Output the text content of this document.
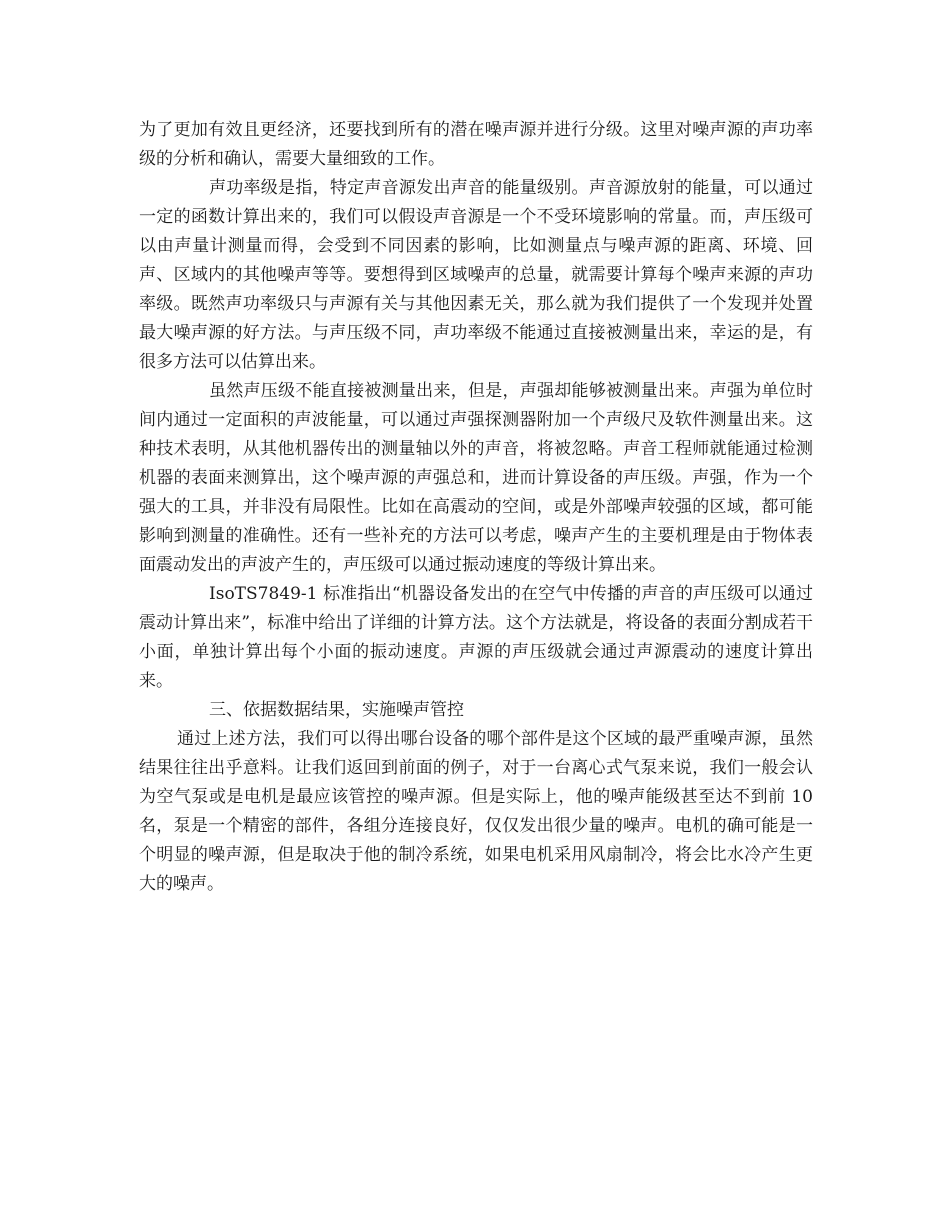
为了更加有效且更经济，还要找到所有的潜在噪声源并进行分级。这里对噪声源的声功率级的分析和确认，需要大量细致的工作。

声功率级是指，特定声音源发出声音的能量级别。声音源放射的能量，可以通过一定的函数计算出来的，我们可以假设声音源是一个不受环境影响的常量。而，声压级可以由声量计测量而得，会受到不同因素的影响，比如测量点与噪声源的距离、环境、回声、区域内的其他噪声等等。要想得到区域噪声的总量，就需要计算每个噪声来源的声功率级。既然声功率级只与声源有关与其他因素无关，那么就为我们提供了一个发现并处置最大噪声源的好方法。与声压级不同，声功率级不能通过直接被测量出来，幸运的是，有很多方法可以估算出来。

虽然声压级不能直接被测量出来，但是，声强却能够被测量出来。声强为单位时间内通过一定面积的声波能量，可以通过声强探测器附加一个声级尺及软件测量出来。这种技术表明，从其他机器传出的测量轴以外的声音，将被忽略。声音工程师就能通过检测机器的表面来测算出，这个噪声源的声强总和，进而计算设备的声压级。声强，作为一个强大的工具，并非没有局限性。比如在高震动的空间，或是外部噪声较强的区域，都可能影响到测量的准确性。还有一些补充的方法可以考虑，噪声产生的主要机理是由于物体表面震动发出的声波产生的，声压级可以通过振动速度的等级计算出来。

IsoTS7849-1 标准指出“机器设备发出的在空气中传播的声音的声压级可以通过震动计算出来”，标准中给出了详细的计算方法。这个方法就是，将设备的表面分割成若干小面，单独计算出每个小面的振动速度。声源的声压级就会通过声源震动的速度计算出来。

三、依据数据结果，实施噪声管控

通过上述方法，我们可以得出哪台设备的哪个部件是这个区域的最严重噪声源，虽然结果往往出乎意料。让我们返回到前面的例子，对于一台离心式气泵来说，我们一般会认为空气泵或是电机是最应该管控的噪声源。但是实际上，他的噪声能级甚至达不到前 10 名，泵是一个精密的部件，各组分连接良好，仅仅发出很少量的噪声。电机的确可能是一个明显的噪声源，但是取决于他的制冷系统，如果电机采用风扇制冷，将会比水冷产生更大的噪声。
